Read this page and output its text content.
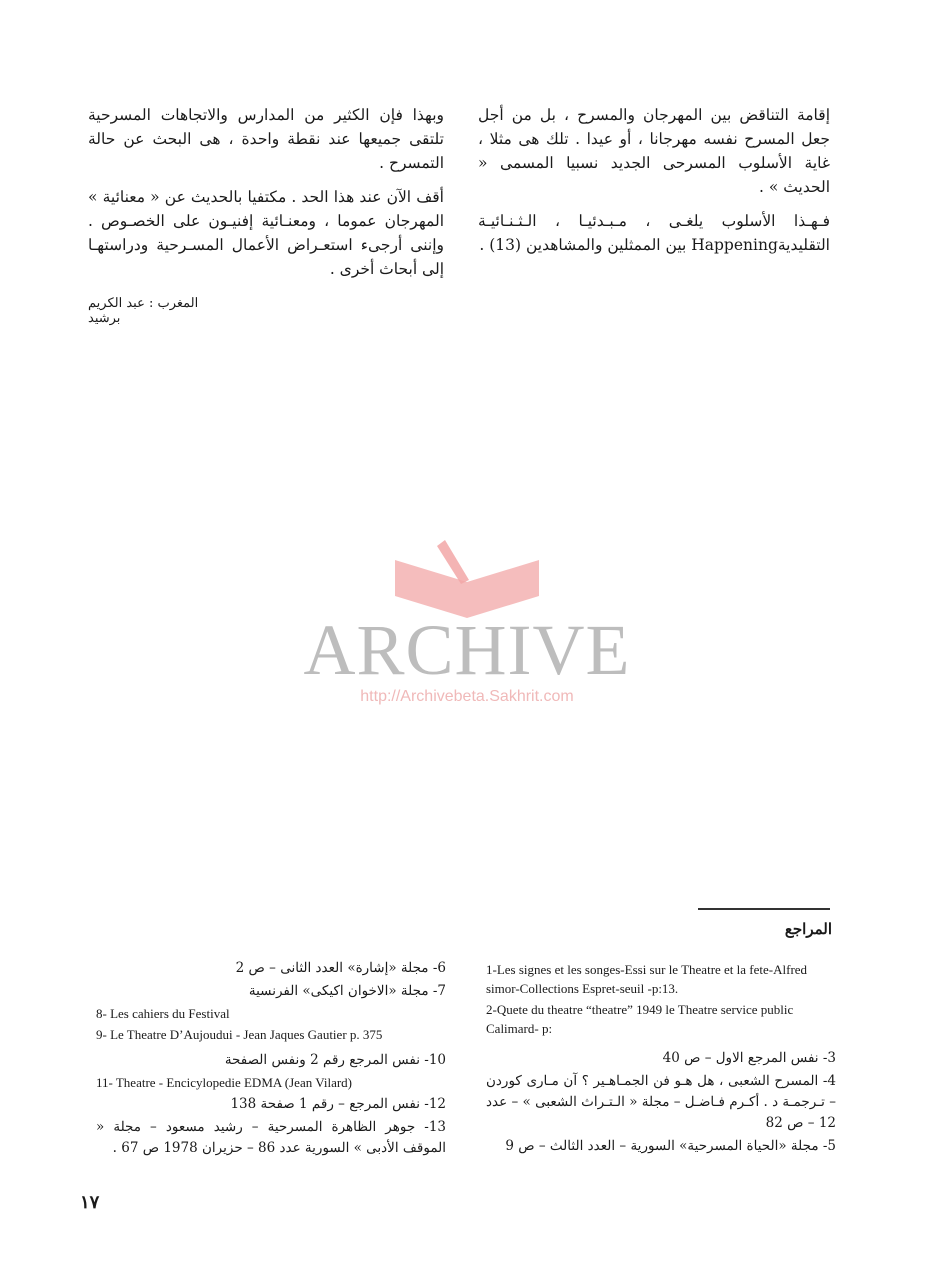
إقامة التناقض بين المهرجان والمسرح ، بل من أجل جعل المسرح نفسه مهرجانا ، أو عيدا . تلك هى مثلا ، غاية الأسلوب المسرحى الجديد نسبيا المسمى « الحديث » .

فـهـذا الأسلوب يلغـى ، مـبـدئيـا ، الـثـنـائيـة التقليديةHappening بين الممثلين والمشاهدين (13) .

وبهذا فإن الكثير من المدارس والاتجاهات المسرحية تلتقى جميعها عند نقطة واحدة ، هى البحث عن حالة التمسرح .

أقف الآن عند هذا الحد . مكتفيا بالحديث عن « معنائية » المهرجان عموما ، ومعنـائية إفنيـون على الخصـوص . وإننى أرجىء استعـراض الأعمال المسـرحية ودراستهـا إلى أبحاث أخرى .

المغرب : عبد الكريم برشيد
ARCHIVE
http://Archivebeta.Sakhrit.com
المراجع
1-Les signes et les songes-Essi sur le Theatre et la fete-Alfred simor-Collections Espret-seuil -p:13.
2-Quete du theatre “theatre” 1949 le Theatre service public Calimard- p:
3- نفس المرجع الاول – ص 40
4- المسرح الشعبى ، هل هـو فن الجمـاهـير ؟ آن مـارى كوردن – تـرجمـة د . أكـرم فـاضـل – مجلة « الـتـراث الشعبى » – عدد 12 – ص 82
5- مجلة «الحياة المسرحية» السورية – العدد الثالث – ص 9
6- مجلة «إشارة» العدد الثانى – ص 2
7- مجلة «الاخوان اكيكى» الفرنسية
8- Les cahiers du Festival
9- Le Theatre D’Aujoudui - Jean Jaques Gautier p. 375
10- نفس المرجع رقم 2 ونفس الصفحة
11- Theatre - Encicylopedie EDMA (Jean Vilard)
12- نفس المرجع – رقم 1 صفحة 138
13- جوهر الظاهرة المسرحية – رشيد مسعود – مجلة « الموقف الأدبى » السورية عدد 86 – حزيران 1978 ص 67 .
١٧
